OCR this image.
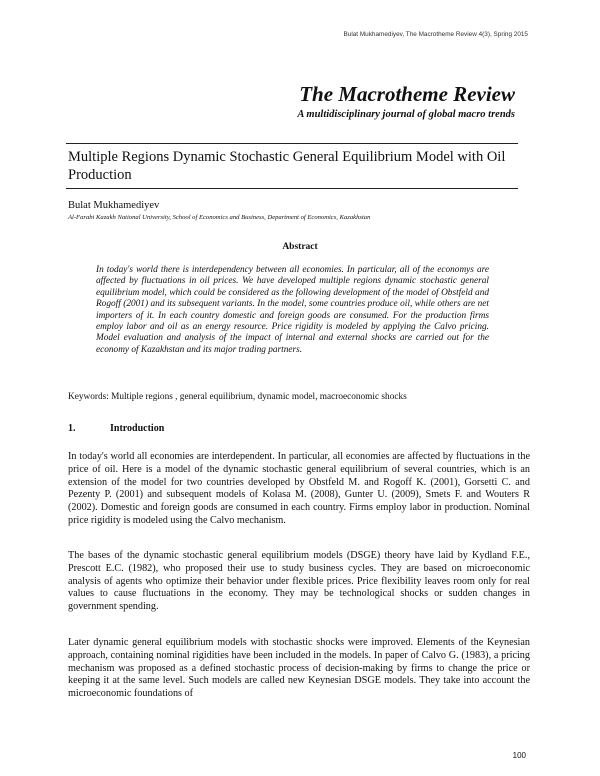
Bulat Mukhamediyev, The Macrotheme Review 4(3), Spring 2015
The Macrotheme Review
A multidisciplinary journal of global macro trends
Multiple Regions Dynamic Stochastic General Equilibrium Model with Oil Production
Bulat Mukhamediyev
Al-Farabi Kazakh National University, School of Economics and Business, Department of Economics, Kazakhstan
Abstract
In today's world there is interdependency between all economies. In particular, all of the economys are affected by fluctuations in oil prices. We have developed multiple regions dynamic stochastic general equilibrium model, which could be considered as the following development of the model of Obstfeld and Rogoff (2001) and its subsequent variants. In the model, some countries produce oil, while others are net importers of it. In each country domestic and foreign goods are consumed. For the production firms employ labor and oil as an energy resource. Price rigidity is modeled by applying the Calvo pricing. Model evaluation and analysis of the impact of internal and external shocks are carried out for the economy of Kazakhstan and its major trading partners.
Keywords: Multiple regions , general equilibrium, dynamic model, macroeconomic shocks
1.	Introduction
In today's world all economies are interdependent. In particular, all economies are affected by fluctuations in the price of oil. Here is a model of the dynamic stochastic general equilibrium of several countries, which is an extension of the model for two countries developed by Obstfeld M. and Rogoff K. (2001), Gorsetti C. and Pezenty P. (2001) and subsequent models of Kolasa M. (2008), Gunter U. (2009), Smets F. and Wouters R (2002). Domestic and foreign goods are consumed in each country. Firms employ labor in production. Nominal price rigidity is modeled using the Calvo mechanism.
The bases of the dynamic stochastic general equilibrium models (DSGE) theory have laid by Kydland F.E., Prescott E.C. (1982), who proposed their use to study business cycles. They are based on microeconomic analysis of agents who optimize their behavior under flexible prices. Price flexibility leaves room only for real values to cause fluctuations in the economy. They may be technological shocks or sudden changes in government spending.
Later dynamic general equilibrium models with stochastic shocks were improved. Elements of the Keynesian approach, containing nominal rigidities have been included in the models. In paper of Calvo G. (1983), a pricing mechanism was proposed as a defined stochastic process of decision-making by firms to change the price or keeping it at the same level. Such models are called new Keynesian DSGE models. They take into account the microeconomic foundations of
100
